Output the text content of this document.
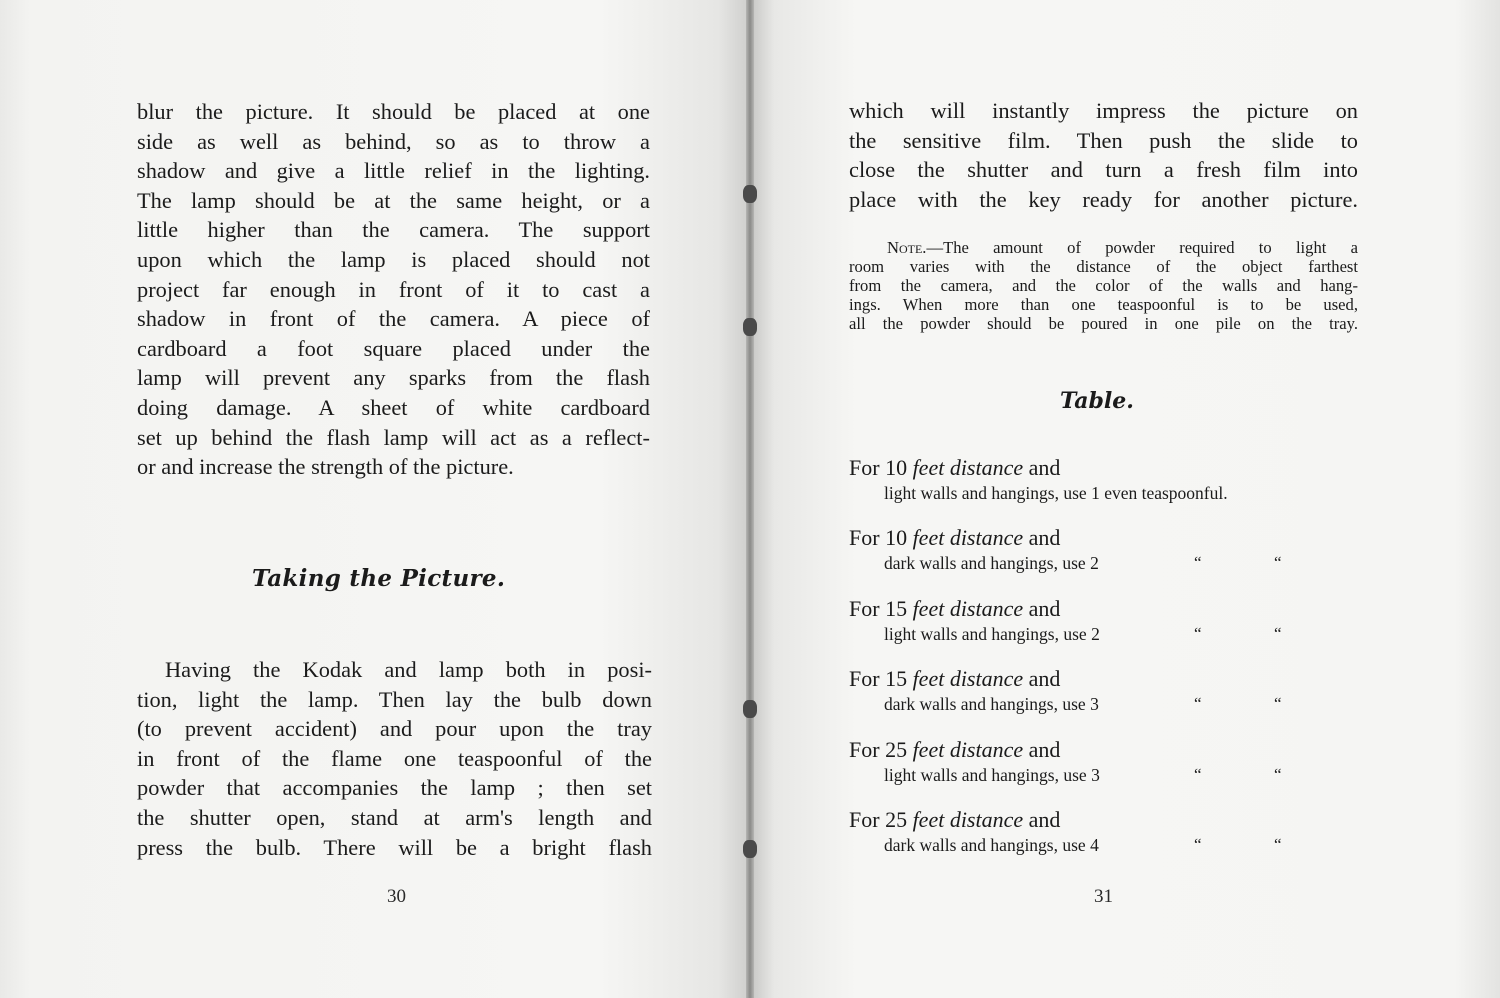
blur the picture. It should be placed at one
side as well as behind, so as to throw a
shadow and give a little relief in the lighting.
The lamp should be at the same height, or a
little higher than the camera. The support
upon which the lamp is placed should not
project far enough in front of it to cast a
shadow in front of the camera. A piece of
cardboard a foot square placed under the
lamp will prevent any sparks from the flash
doing damage. A sheet of white cardboard
set up behind the flash lamp will act as a reflect-
or and increase the strength of the picture.
Taking the Picture.
Having the Kodak and lamp both in posi-
tion, light the lamp. Then lay the bulb down
(to prevent accident) and pour upon the tray
in front of the flame one teaspoonful of the
powder that accompanies the lamp ; then set
the shutter open, stand at arm's length and
press the bulb. There will be a bright flash
30
which will instantly impress the picture on
the sensitive film. Then push the slide to
close the shutter and turn a fresh film into
place with the key ready for another picture.
Note.—The amount of powder required to light a
room varies with the distance of the object farthest
from the camera, and the color of the walls and hang-
ings. When more than one teaspoonful is to be used,
all the powder should be poured in one pile on the tray.
Table.
For 10 feet distance and
light walls and hangings, use 1 even teaspoonful.
For 10 feet distance and
dark walls and hangings, use 2	“	“
For 15 feet distance and
light walls and hangings, use 2	“	“
For 15 feet distance and
dark walls and hangings, use 3	“	“
For 25 feet distance and
light walls and hangings, use 3	“	“
For 25 feet distance and
dark walls and hangings, use 4	“	“
31
